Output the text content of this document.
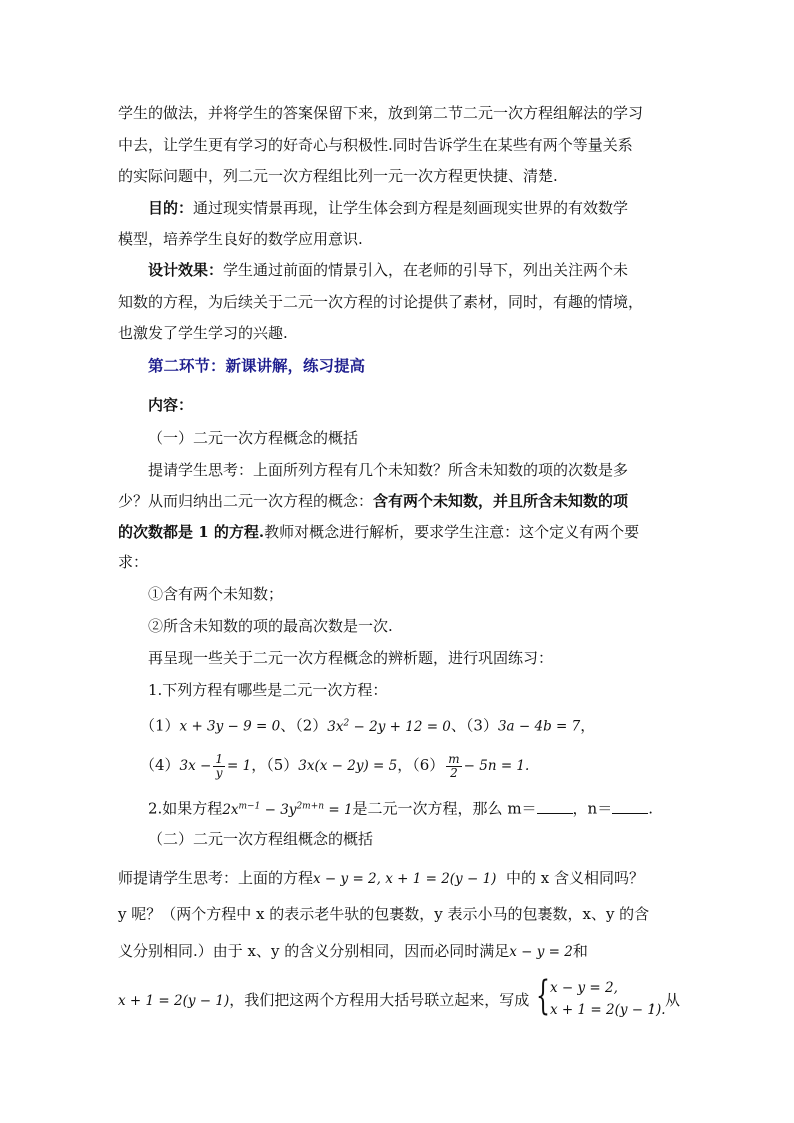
学生的做法，并将学生的答案保留下来，放到第二节二元一次方程组解法的学习
中去，让学生更有学习的好奇心与积极性.同时告诉学生在某些有两个等量关系
的实际问题中，列二元一次方程组比列一元一次方程更快捷、清楚.
目的：通过现实情景再现，让学生体会到方程是刻画现实世界的有效数学
模型，培养学生良好的数学应用意识.
设计效果：学生通过前面的情景引入，在老师的引导下，列出关注两个未
知数的方程，为后续关于二元一次方程的讨论提供了素材，同时，有趣的情境，
也激发了学生学习的兴趣.
第二环节：新课讲解，练习提高
内容：
（一）二元一次方程概念的概括
提请学生思考：上面所列方程有几个未知数？所含未知数的项的次数是多
少？从而归纳出二元一次方程的概念：含有两个未知数，并且所含未知数的项
的次数都是 1 的方程.教师对概念进行解析，要求学生注意：这个定义有两个要
求：
①含有两个未知数；
②所含未知数的项的最高次数是一次.
再呈现一些关于二元一次方程概念的辨析题，进行巩固练习：
1.下列方程有哪些是二元一次方程：
（1）x + 3y − 9 = 0、$(2)3x^2 - 2y + 12 = 0$、（3）3a − 4b = 7，
$(4)3x - \frac{1}{y} = 1$，（5）3x(x − 2y) = 5，$(6) \frac{m}{2} - 5n = 1$.
2.如果方程$2x^{m-1} - 3y^{2m+n} = 1$是二元一次方程，那么 m＝ ，n＝ .
（二）二元一次方程组概念的概括
师提请学生思考：上面的方程x − y = 2, x + 1 = 2(y − 1) 中的 x 含义相同吗？
y 呢？（两个方程中 x 的表示老牛驮的包裹数，y 表示小马的包裹数，x、y 的含
义分别相同.）由于 x、y 的含义分别相同，因而必同时满足x − y = 2和
x + 1 = 2(y − 1)，我们把这两个方程用大括号联立起来，写成 { x − y = 2,
x + 1 = 2(y − 1).
，从
